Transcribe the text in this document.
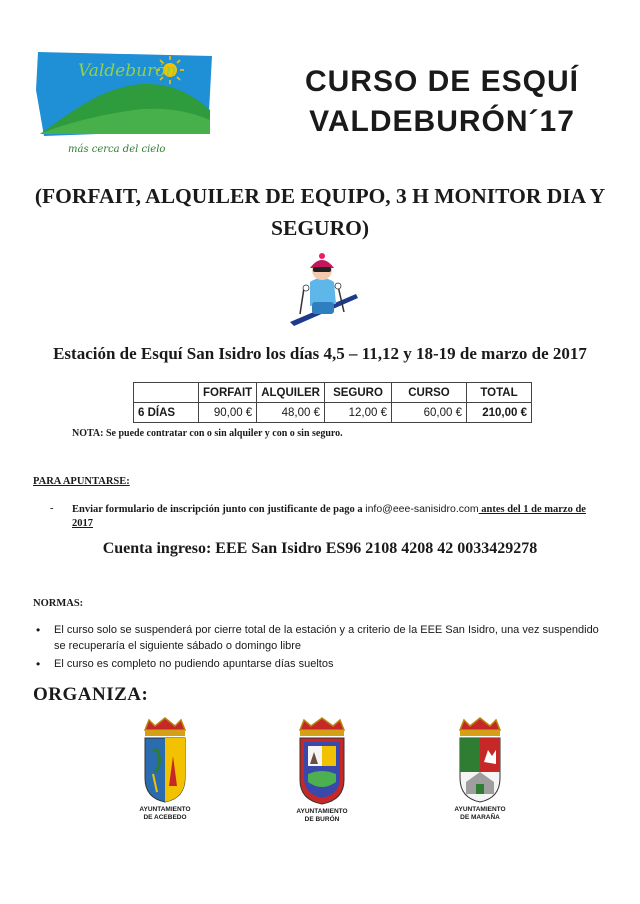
Valdeburón
más cerca del cielo
CURSO DE ESQUÍ
VALDEBURÓN´17
(FORFAIT, ALQUILER DE EQUIPO, 3 H MONITOR DIA Y
SEGURO)
Estación de Esquí San Isidro los días 4,5 – 11,12 y 18-19 de marzo de 2017
	FORFAIT	ALQUILER	SEGURO	CURSO	TOTAL
6 DÍAS	90,00 €	48,00 €	12,00 €	60,00 €	210,00 €
NOTA: Se puede contratar con o sin alquiler y con o sin seguro.
PARA APUNTARSE:
- Enviar formulario de inscripción junto con justificante de pago a info@eee-sanisidro.com antes del 1 de marzo de 2017
Cuenta ingreso: EEE San Isidro ES96 2108 4208 42 0033429278
NORMAS:
• El curso solo se suspenderá por cierre total de la estación y a criterio de la EEE San Isidro, una vez suspendido se recuperaría el siguiente sábado o domingo libre
• El curso es completo no pudiendo apuntarse días sueltos
ORGANIZA:
AYUNTAMIENTO
DE ACEBEDO
AYUNTAMIENTO
DE BURÓN
AYUNTAMIENTO
DE MARAÑA
